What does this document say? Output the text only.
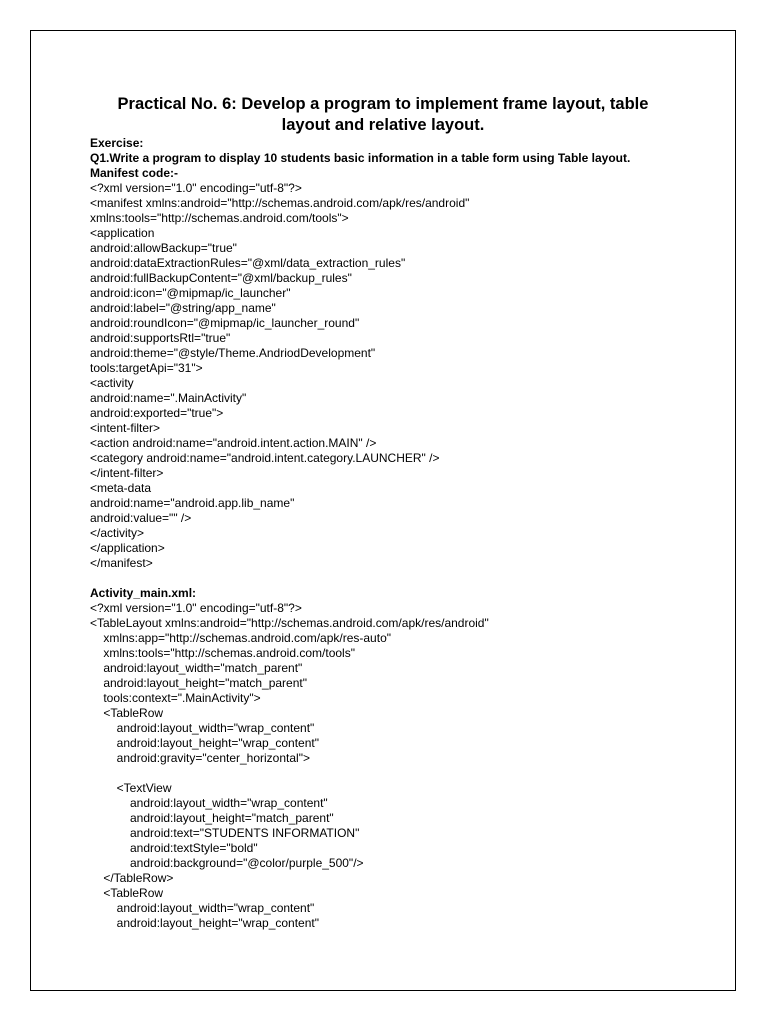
Practical No. 6: Develop a program to implement frame layout, table
layout and relative layout.
Exercise:
Q1.Write a program to display 10 students basic information in a table form using Table layout.
Manifest code:-
<?xml version="1.0" encoding="utf-8"?>
<manifest xmlns:android="http://schemas.android.com/apk/res/android"
xmlns:tools="http://schemas.android.com/tools">
<application
android:allowBackup="true"
android:dataExtractionRules="@xml/data_extraction_rules"
android:fullBackupContent="@xml/backup_rules"
android:icon="@mipmap/ic_launcher"
android:label="@string/app_name"
android:roundIcon="@mipmap/ic_launcher_round"
android:supportsRtl="true"
android:theme="@style/Theme.AndriodDevelopment"
tools:targetApi="31">
<activity
android:name=".MainActivity"
android:exported="true">
<intent-filter>
<action android:name="android.intent.action.MAIN" />
<category android:name="android.intent.category.LAUNCHER" />
</intent-filter>
<meta-data
android:name="android.app.lib_name"
android:value="" />
</activity>
</application>
</manifest>
Activity_main.xml:
<?xml version="1.0" encoding="utf-8"?>
<TableLayout xmlns:android="http://schemas.android.com/apk/res/android"
xmlns:app="http://schemas.android.com/apk/res-auto"
xmlns:tools="http://schemas.android.com/tools"
android:layout_width="match_parent"
android:layout_height="match_parent"
tools:context=".MainActivity">
<TableRow
android:layout_width="wrap_content"
android:layout_height="wrap_content"
android:gravity="center_horizontal">
<TextView
android:layout_width="wrap_content"
android:layout_height="match_parent"
android:text="STUDENTS INFORMATION"
android:textStyle="bold"
android:background="@color/purple_500"/>
</TableRow>
<TableRow
android:layout_width="wrap_content"
android:layout_height="wrap_content"
